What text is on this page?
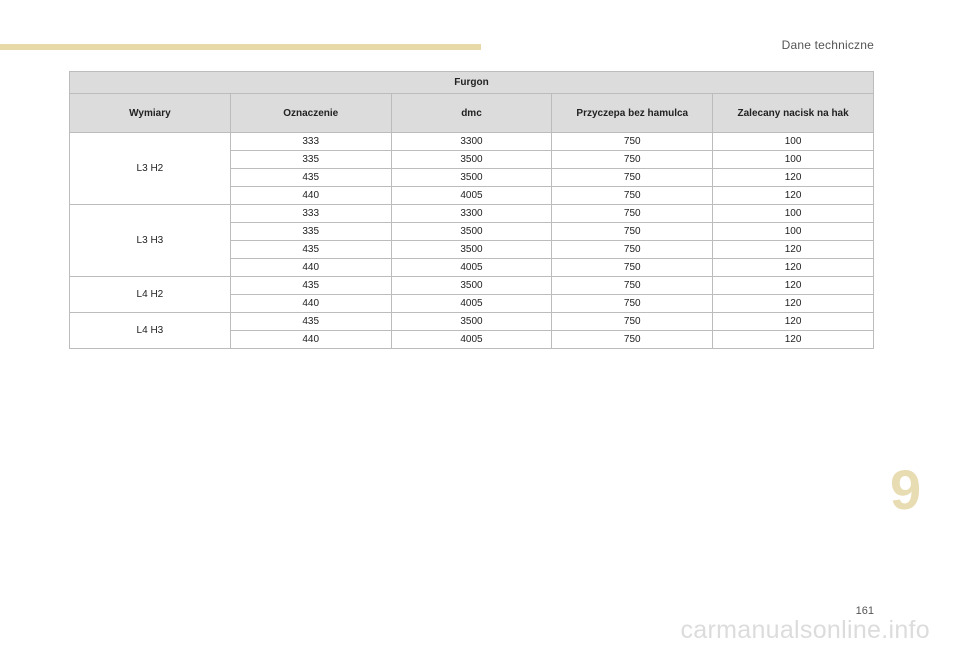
Dane techniczne
Furgon				
Wymiary	Oznaczenie	dmc	Przyczepa bez hamulca	Zalecany nacisk na hak
L3 H2	333	3300	750	100
	335	3500	750	100
	435	3500	750	120
	440	4005	750	120
L3 H3	333	3300	750	100
	335	3500	750	100
	435	3500	750	120
	440	4005	750	120
L4 H2	435	3500	750	120
	440	4005	750	120
L4 H3	435	3500	750	120
	440	4005	750	120
9
161
carmanualsonline.info
